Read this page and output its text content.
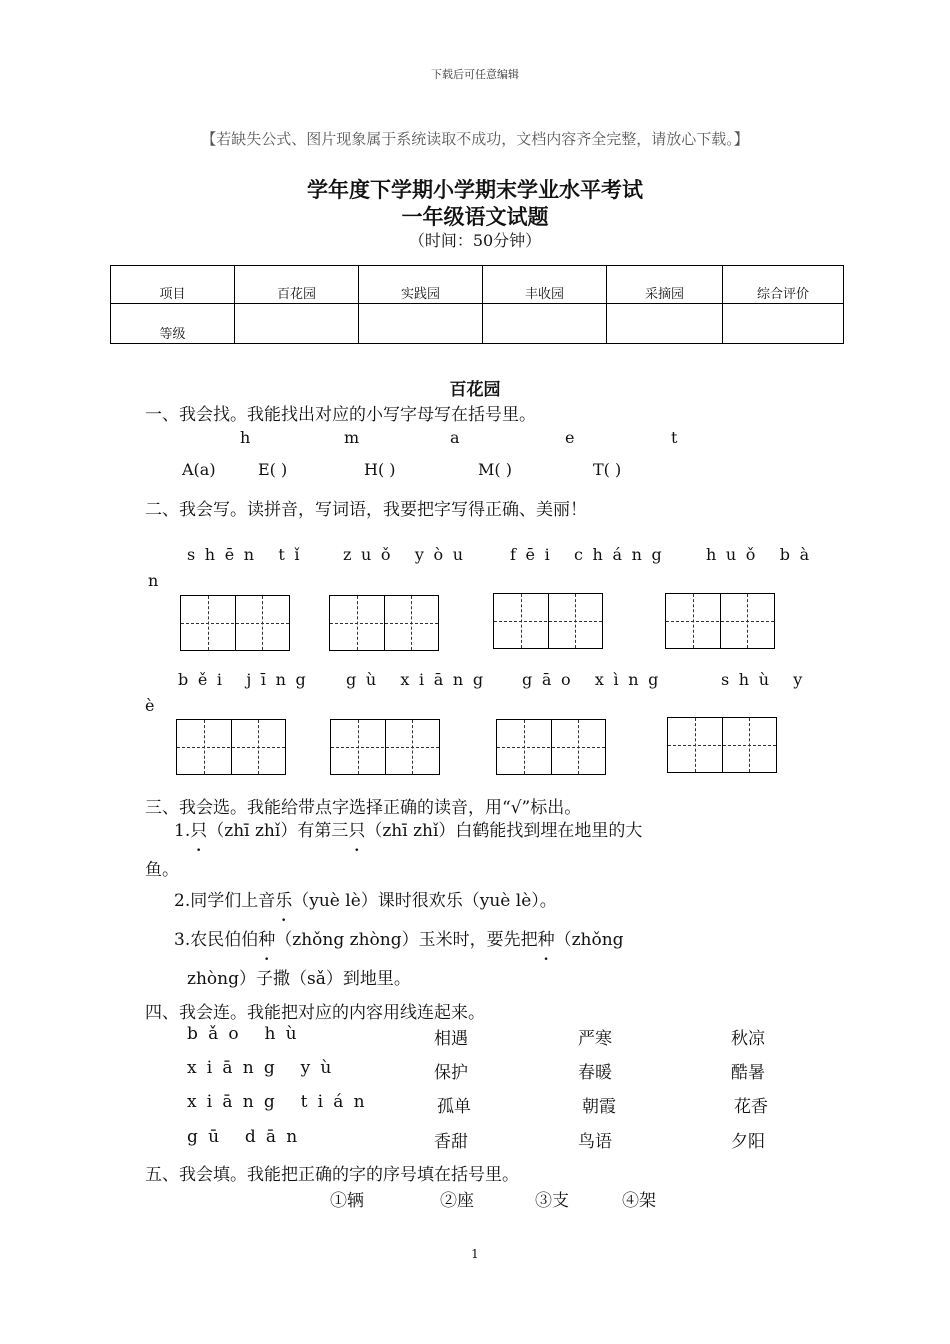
下载后可任意编辑
【若缺失公式、图片现象属于系统读取不成功，文档内容齐全完整，请放心下载。】
学年度下学期小学期末学业水平考试
一年级语文试题
（时间：50分钟）
项目	百花园	实践园	丰收园	采摘园	综合评价
等级					
百花园
一、我会找。我能找出对应的小写字母写在括号里。
h	m	a	e	t
A(a)	E( )	H( )	M( )	T( )
二、我会写。读拼音，写词语，我要把字写得正确、美丽！
shēn tǐ zuǒ yòu fēi cháng huǒ bà
n
běi jīng gù xiāng gāo xìng	shù y
è
三、我会选。我能给带点字选择正确的读音，用“√”标出。
1.只（zhī zhǐ）有第三只（zhī zhǐ）白鹤能找到埋在地里的大
鱼。
2.同学们上音乐（yuè lè）课时很欢乐（yuè lè）。
3.农民伯伯种（zhǒng zhòng）玉米时，要先把种（zhǒng
zhòng）子撒（sǎ）到地里。
四、我会连。我能把对应的内容用线连起来。
bǎo hù	相遇	严寒	秋凉
xiāng yù	保护	春暖	酷暑
xiāng tián	孤单	朝霞	花香
gū dān	香甜	鸟语	夕阳
五、我会填。我能把正确的字的序号填在括号里。
①辆	②座	③支	④架
1
